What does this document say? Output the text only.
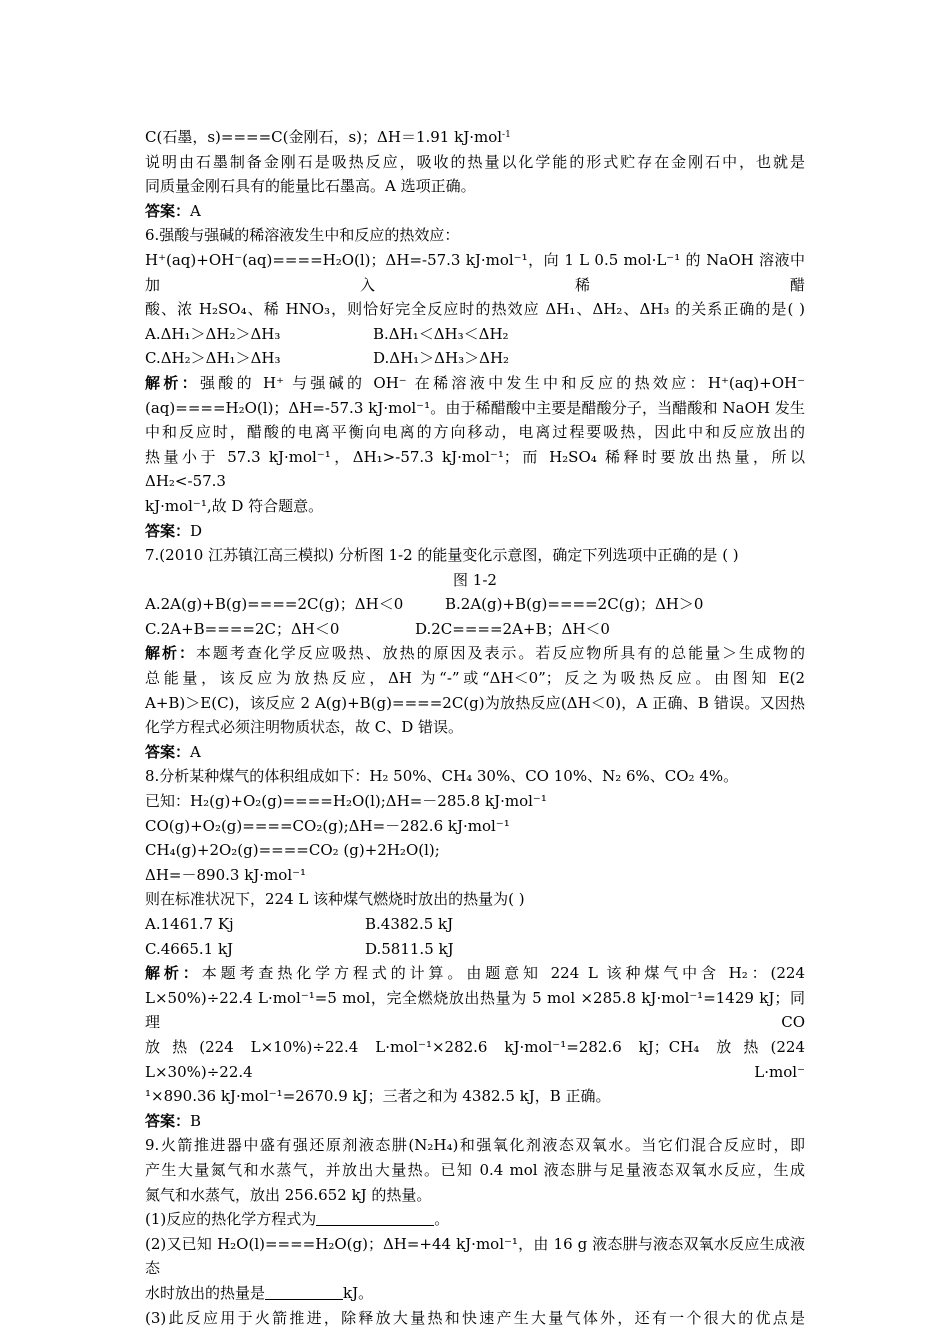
C(石墨，s)====C(金刚石，s)；ΔH＝1.91 kJ·mol$^{-1}$

说明由石墨制备金刚石是吸热反应，吸收的热量以化学能的形式贮存在金刚石中，也就是

同质量金刚石具有的能量比石墨高。A 选项正确。

答案：A

6.强酸与强碱的稀溶液发生中和反应的热效应：

H⁺(aq)+OH⁻(aq)====H₂O(l)；ΔH=-57.3 kJ·mol⁻¹，向 1 L 0.5 mol·L⁻¹ 的 NaOH 溶液中加入稀醋

酸、浓 H₂SO₄、稀 HNO₃，则恰好完全反应时的热效应 ΔH₁、ΔH₂、ΔH₃ 的关系正确的是( )

A.ΔH₁＞ΔH₂＞ΔH₃	B.ΔH₁＜ΔH₃＜ΔH₂

C.ΔH₂＞ΔH₁＞ΔH₃	D.ΔH₁＞ΔH₃＞ΔH₂

解析：强酸的 H⁺ 与强碱的 OH⁻ 在稀溶液中发生中和反应的热效应：H⁺(aq)+OH⁻

(aq)====H₂O(l)；ΔH=-57.3 kJ·mol⁻¹。由于稀醋酸中主要是醋酸分子，当醋酸和 NaOH 发生

中和反应时，醋酸的电离平衡向电离的方向移动，电离过程要吸热，因此中和反应放出的

热量小于 57.3 kJ·mol⁻¹，ΔH₁>-57.3 kJ·mol⁻¹；而 H₂SO₄ 稀释时要放出热量，所以 ΔH₂<-57.3

kJ·mol⁻¹,故 D 符合题意。

答案：D

7.(2010 江苏镇江高三模拟) 分析图 1-2 的能量变化示意图，确定下列选项中正确的是 ( )

图 1-2

A.2A(g)+B(g)====2C(g)；ΔH＜0	B.2A(g)+B(g)====2C(g)；ΔH＞0

C.2A+B====2C；ΔH＜0	D.2C====2A+B；ΔH＜0

解析：本题考查化学反应吸热、放热的原因及表示。若反应物所具有的总能量＞生成物的

总能量，该反应为放热反应，ΔH 为“-”或“ΔH＜0”；反之为吸热反应。由图知 E(2

A+B)＞E(C)，该反应 2 A(g)+B(g)====2C(g)为放热反应(ΔH＜0)，A 正确、B 错误。又因热

化学方程式必须注明物质状态，故 C、D 错误。

答案：A

8.分析某种煤气的体积组成如下：H₂ 50%、CH₄ 30%、CO 10%、N₂ 6%、CO₂ 4%。

已知：H₂(g)+O₂(g)====H₂O(l);ΔH=－285.8 kJ·mol⁻¹

CO(g)+O₂(g)====CO₂(g);ΔH=－282.6 kJ·mol⁻¹

CH₄(g)+2O₂(g)====CO₂ (g)+2H₂O(l);

ΔH=－890.3 kJ·mol⁻¹

则在标准状况下，224 L 该种煤气燃烧时放出的热量为( )

A.1461.7 Kj	B.4382.5 kJ

C.4665.1 kJ	D.5811.5 kJ

解析：本题考查热化学方程式的计算。由题意知 224 L 该种煤气中含 H₂：(224

L×50%)÷22.4 L·mol⁻¹=5 mol，完全燃烧放出热量为 5 mol ×285.8 kJ·mol⁻¹=1429 kJ；同理 CO

放热(224 L×10%)÷22.4 L·mol⁻¹×282.6 kJ·mol⁻¹=282.6 kJ；CH₄ 放热(224 L×30%)÷22.4 L·mol⁻

¹×890.36 kJ·mol⁻¹=2670.9 kJ；三者之和为 4382.5 kJ，B 正确。

答案：B

9.火箭推进器中盛有强还原剂液态肼(N₂H₄)和强氧化剂液态双氧水。当它们混合反应时，即

产生大量氮气和水蒸气，并放出大量热。已知 0.4 mol 液态肼与足量液态双氧水反应，生成

氮气和水蒸气，放出 256.652 kJ 的热量。

(1)反应的热化学方程式为	。

(2)又已知 H₂O(l)====H₂O(g)；ΔH=+44 kJ·mol⁻¹，由 16 g 液态肼与液态双氧水反应生成液态

水时放出的热量是	kJ。

(3)此反应用于火箭推进，除释放大量热和快速产生大量气体外，还有一个很大的优点是
